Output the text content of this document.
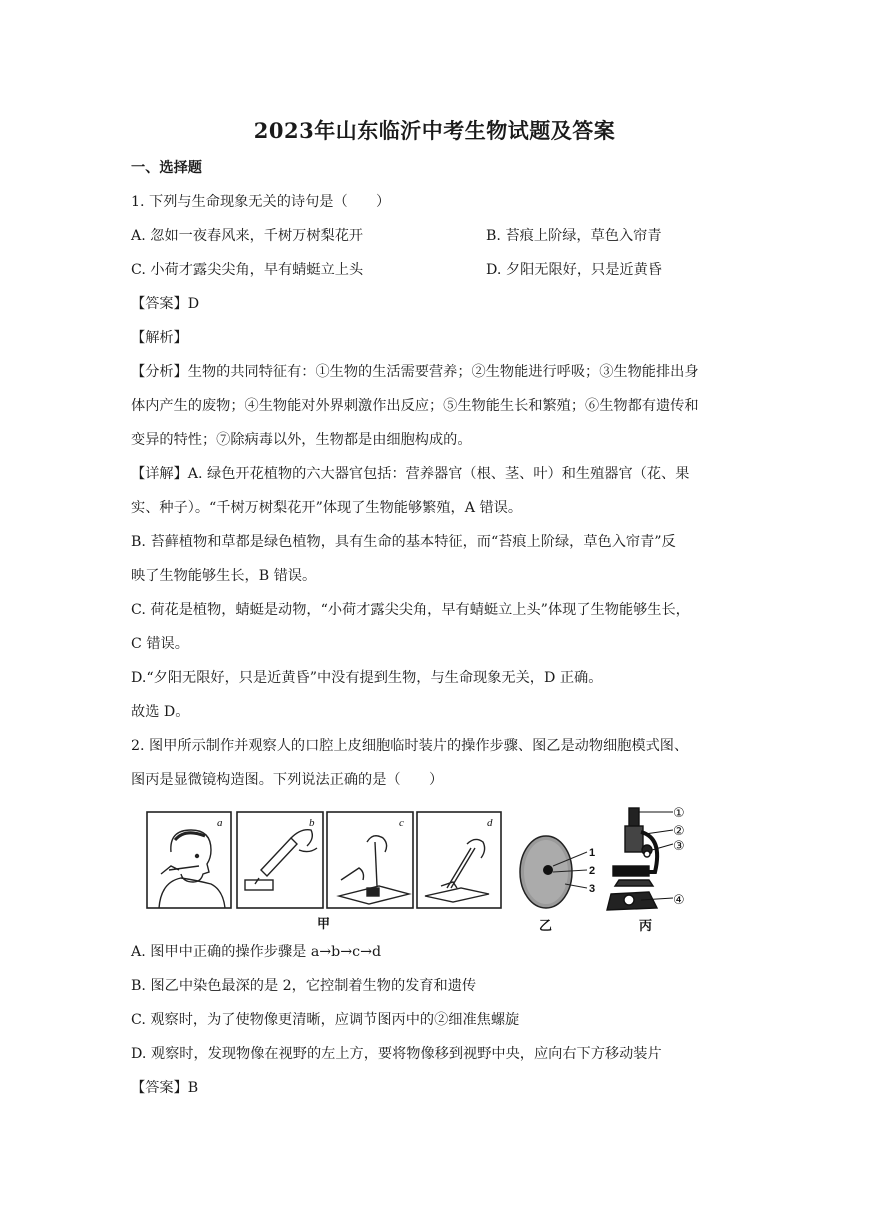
2023年山东临沂中考生物试题及答案
一、选择题
1. 下列与生命现象无关的诗句是（　　）
A. 忽如一夜春风来，千树万树梨花开	B. 苔痕上阶绿，草色入帘青
C. 小荷才露尖尖角，早有蜻蜓立上头	D. 夕阳无限好，只是近黄昏
【答案】D
【解析】
【分析】生物的共同特征有：①生物的生活需要营养；②生物能进行呼吸；③生物能排出身
体内产生的废物；④生物能对外界刺激作出反应；⑤生物能生长和繁殖；⑥生物都有遗传和
变异的特性；⑦除病毒以外，生物都是由细胞构成的。
【详解】A. 绿色开花植物的六大器官包括：营养器官（根、茎、叶）和生殖器官（花、果
实、种子）。“千树万树梨花开”体现了生物能够繁殖，A 错误。
B. 苔藓植物和草都是绿色植物，具有生命的基本特征，而“苔痕上阶绿，草色入帘青”反
映了生物能够生长，B 错误。
C. 荷花是植物，蜻蜓是动物，“小荷才露尖尖角，早有蜻蜓立上头”体现了生物能够生长，
C 错误。
D.“夕阳无限好，只是近黄昏”中没有提到生物，与生命现象无关，D 正确。
故选 D。
2. 图甲所示制作并观察人的口腔上皮细胞临时装片的操作步骤、图乙是动物细胞模式图、
图丙是显微镜构造图。下列说法正确的是（　　）
a	b	c	d
甲
1
2
3
乙
①
②
③
④
丙
A. 图甲中正确的操作步骤是 a→b→c→d
B. 图乙中染色最深的是 2，它控制着生物的发育和遗传
C. 观察时，为了使物像更清晰，应调节图丙中的②细准焦螺旋
D. 观察时，发现物像在视野的左上方，要将物像移到视野中央，应向右下方移动装片
【答案】B
